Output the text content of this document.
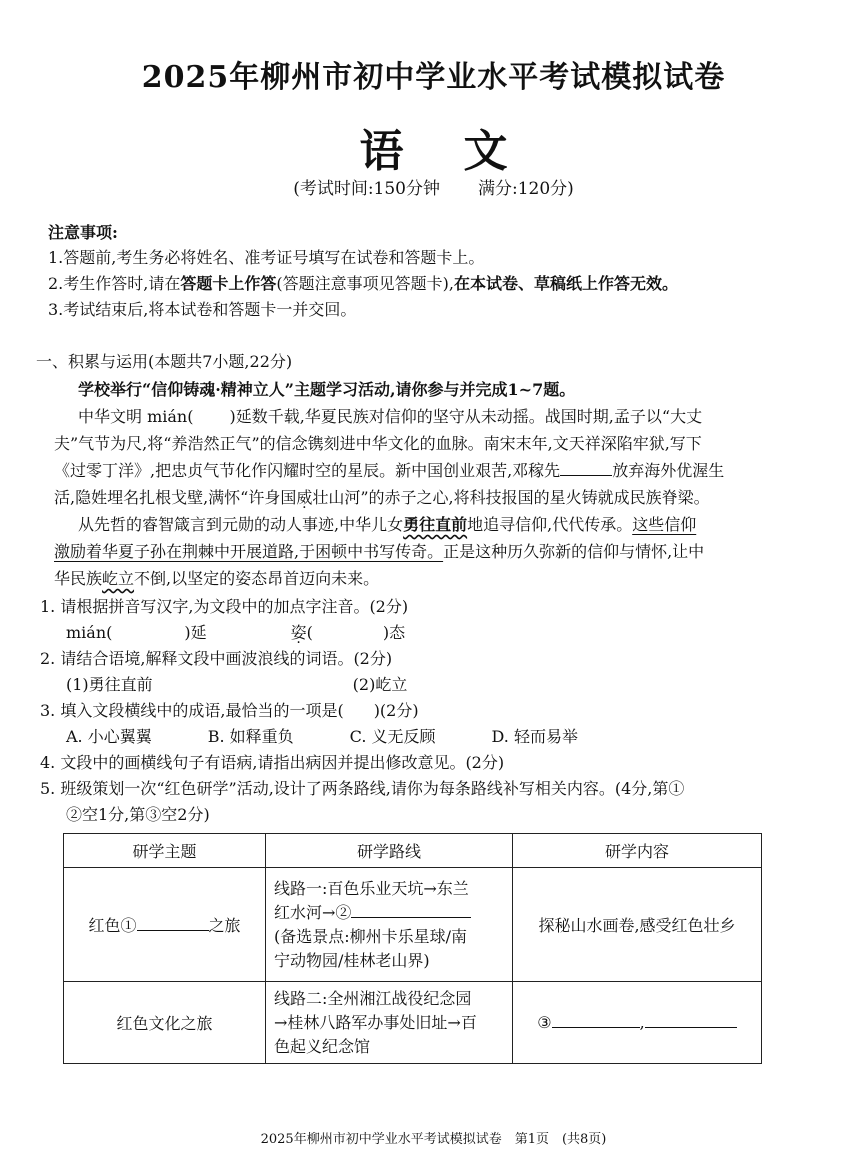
2025年柳州市初中学业水平考试模拟试卷
语 文
(考试时间:150分钟 满分:120分)
注意事项:
1.答题前,考生务必将姓名、准考证号填写在试卷和答题卡上。
2.考生作答时,请在答题卡上作答(答题注意事项见答题卡),在本试卷、草稿纸上作答无效。
3.考试结束后,将本试卷和答题卡一并交回。
一、积累与运用(本题共7小题,22分)
学校举行“信仰铸魂·精神立人”主题学习活动,请你参与并完成1~7题。
中华文明 mián( )延数千载,华夏民族对信仰的坚守从未动摇。战国时期,孟子以“大丈
夫”气节为尺,将“养浩然正气”的信念镌刻进中华文化的血脉。南宋末年,文天祥深陷牢狱,写下
《过零丁洋》,把忠贞气节化作闪耀时空的星辰。新中国创业艰苦,邓稼先	放弃海外优渥生
活,隐姓埋名扎根戈壁,满怀“许身国威壮山河”的赤子之心,将科技报国的星火铸就成民族脊梁。
从先哲的睿智箴言到元勋的动人事迹,中华儿女勇往直前地追寻信仰,代代传承。这些信仰
激励着华夏子孙在荆棘中开展道路,于困顿中书写传奇。正是这种历久弥新的信仰与情怀,让中
华民族屹立不倒,以坚定的姿态昂首迈向未来。
1. 请根据拼音写汉字,为文段中的加点字注音。(2分)
mián(	)延	姿(	)态
2. 请结合语境,解释文段中画波浪线的词语。(2分)
(1)勇往直前	(2)屹立
3. 填入文段横线中的成语,最恰当的一项是( )(2分)
A. 小心翼翼	B. 如释重负	C. 义无反顾	D. 轻而易举
4. 文段中的画横线句子有语病,请指出病因并提出修改意见。(2分)
5. 班级策划一次“红色研学”活动,设计了两条路线,请你为每条路线补写相关内容。(4分,第①
②空1分,第③空2分)
研学主题	研学路线	研学内容
红色① 之旅	线路一:百色乐业天坑→东兰
红水河→②
(备选景点:柳州卡乐星球/南
宁动物园/桂林老山界)	探秘山水画卷,感受红色壮乡
红色文化之旅	线路二:全州湘江战役纪念园
→桂林八路军办事处旧址→百
色起义纪念馆	③ ,
2025年柳州市初中学业水平考试模拟试卷　第1页　(共8页)
